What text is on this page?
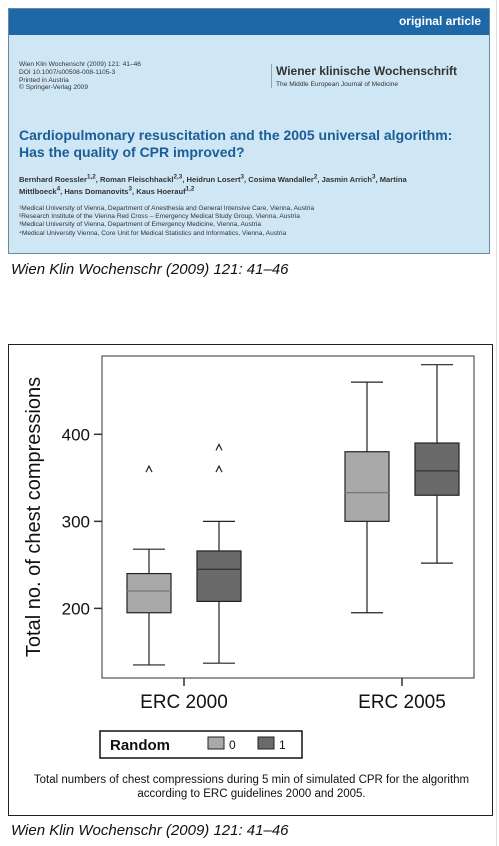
original article
Wien Klin Wochenschr (2009) 121: 41–46
DOI 10.1007/s00508-008-1105-3
Printed in Austria
© Springer-Verlag 2009
Wiener klinische Wochenschrift
The Middle European Journal of Medicine
Cardiopulmonary resuscitation and the 2005 universal algorithm: Has the quality of CPR improved?
Bernhard Roessler$^{1,2}$, Roman Fleischhackl$^{2,3}$, Heidrun Losert$^3$, Cosima Wandaller$^2$, Jasmin Arrich$^3$, Martina Mittlboeck$^4$, Hans Domanovits$^3$, Kaus Hoerauf$^{1,2}$
¹Medical University of Vienna, Department of Anesthesia and General Intensive Care, Vienna, Austria
²Research Institute of the Vienna Red Cross – Emergency Medical Study Group, Vienna, Austria
³Medical University of Vienna, Department of Emergency Medicine, Vienna, Austria
⁴Medical University Vienna, Core Unit for Medical Statistics and Informatics, Vienna, Austria
Wien Klin Wochenschr (2009) 121: 41–46
200
300
400
ERC 2000	ERC 2005
Total no. of chest compressions
Random	0	1
Total numbers of chest compressions during 5 min of simulated CPR for the algorithm according to ERC guidelines 2000 and 2005.
Wien Klin Wochenschr (2009) 121: 41–46
